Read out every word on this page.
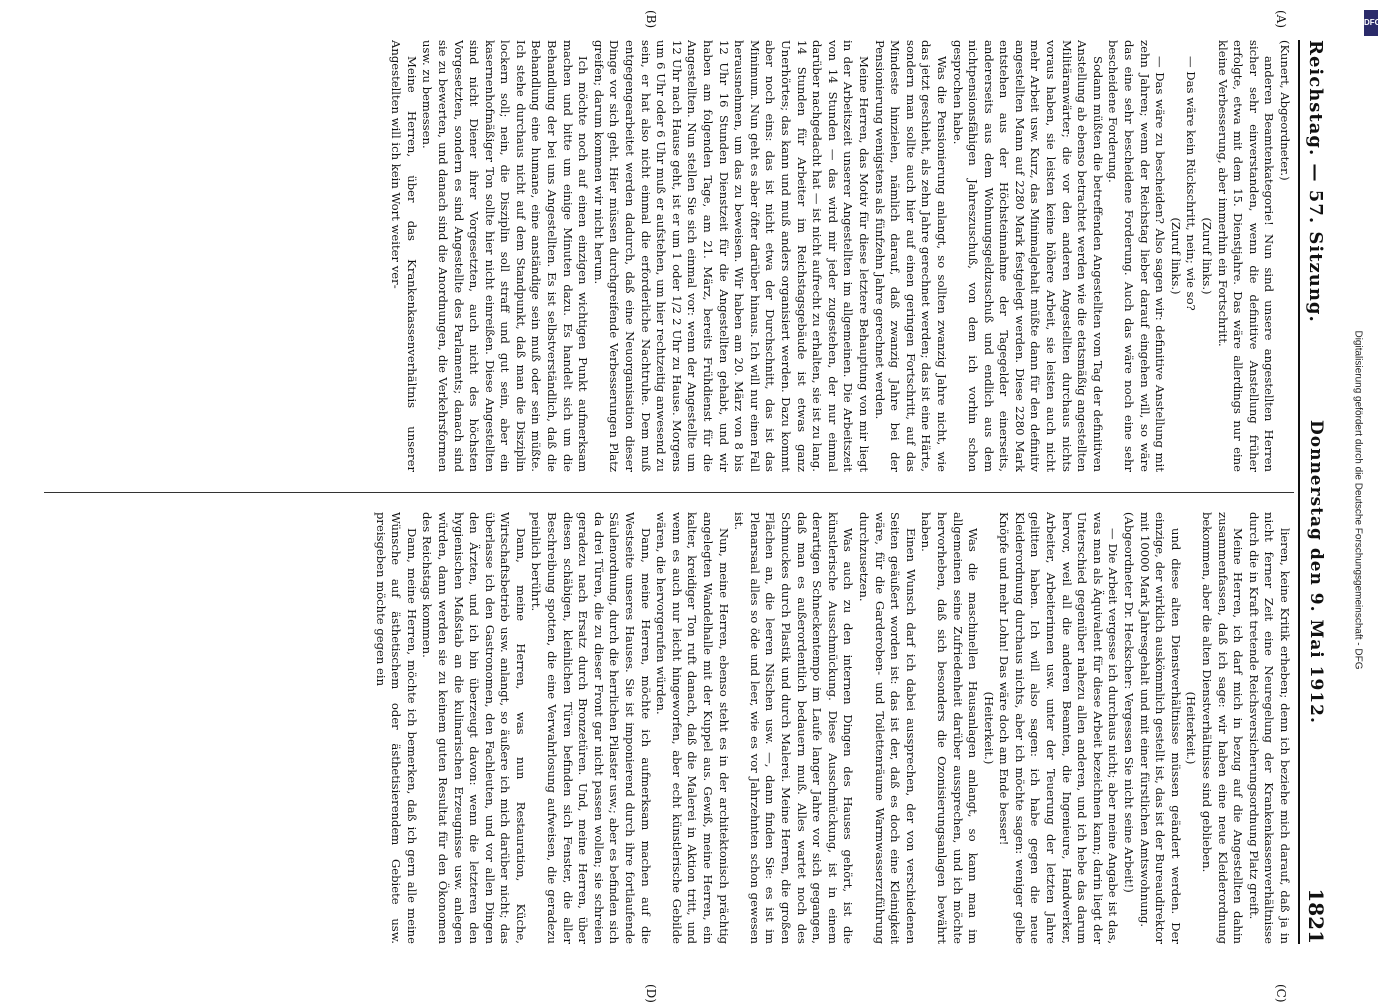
Reichstag. — 57. Sitzung.
Donnerstag den 9. Mai 1912.
1821
(A)
(B)
(C)
(D)

(Kunert, Abgeordneter.)

anderen Beamtenkategorie! Nun sind unsere angestellten Herren sicher sehr einverstanden, wenn die definitive Anstellung früher erfolgte, etwa mit dem 15. Dienstjahre. Das wäre allerdings nur eine kleine Verbesserung, aber immerhin ein Fortschritt.

(Zuruf links.)

— Das wäre kein Rückschritt, nein; wie so?

(Zuruf links.)

— Das wäre zu bescheiden? Also sagen wir: definitive Anstellung mit zehn Jahren; wenn der Reichstag lieber darauf eingehen will, so wäre das eine sehr bescheidene Forderung. Auch das wäre noch eine sehr bescheidene Forderung.

Sodann müßten die betreffenden Angestellten vom Tag der definitiven Anstellung ab ebenso betrachtet werden wie die etatsmäßig angestellten Militäranwärter; die vor den anderen Angestellten durchaus nichts voraus haben, sie leisten keine höhere Arbeit, sie leisten auch nicht mehr Arbeit usw. Kurz, das Minimalgehalt müßte dann für den definitiv angestellten Mann auf 2280 Mark festgelegt werden. Diese 2280 Mark entstehen aus der Höchsteinnahme der Tagegelder einerseits, andererseits aus dem Wohnungsgeldzuschuß und endlich aus dem nichtpensionsfähigen Jahreszuschuß, von dem ich vorhin schon gesprochen habe.

Was die Pensionierung anlangt, so sollten zwanzig Jahre nicht, wie das jetzt geschieht, als zehn Jahre gerechnet werden; das ist eine Härte, sondern man sollte auch hier auf einen geringen Fortschritt, auf das Mindeste hinzielen, nämlich darauf, daß zwanzig Jahre bei der Pensionierung wenigstens als fünfzehn Jahre gerechnet werden.

Meine Herren, das Motiv für diese letztere Behauptung von mir liegt in der Arbeitszeit unserer Angestellten im allgemeinen. Die Arbeitszeit von 14 Stunden — das wird mir jeder zugestehen, der nur einmal darüber nachgedacht hat — ist nicht aufrecht zu erhalten, sie ist zu lang. 14 Stunden für Arbeiter im Reichstagsgebäude ist etwas ganz Unerhörtes; das kann und muß anders organisiert werden. Dazu kommt aber noch eins: das ist nicht etwa der Durchschnitt, das ist das Minimum. Nun geht es aber öfter darüber hinaus. Ich will nur einen Fall herausnehmen, um das zu beweisen. Wir haben am 20. März von 8 bis 12 Uhr 16 Stunden Dienstzeit für die Angestellten gehabt, und wir haben am folgenden Tage, am 21. März, bereits Frühdienst für die Angestellten. Nun stellen Sie sich einmal vor: wenn der Angestellte um 12 Uhr nach Hause geht, ist er um 1 oder 1/2 2 Uhr zu Hause. Morgens um 6 Uhr oder 6 Uhr muß er aufstehen, um hier rechtzeitig anwesend zu sein, er hat also nicht einmal die erforderliche Nachtruhe. Dem muß entgegengearbeitet werden dadurch, daß eine Neuorganisation dieser Dinge vor sich geht. Hier müssen durchgreifende Verbesserungen Platz greifen; darum kommen wir nicht herum.

Ich möchte noch auf einen einzigen wichtigen Punkt aufmerksam machen und bitte um einige Minuten dazu. Es handelt sich um die Behandlung der bei uns Angestellten. Es ist selbstverständlich, daß die Behandlung eine humane, eine anständige sein muß oder sein müßte. Ich stehe durchaus nicht auf dem Standpunkt, daß man die Disziplin lockern soll; nein, die Disziplin soll straff und gut sein, aber ein kasernenhofmäßiger Ton sollte hier nicht einreißen. Diese Angestellten sind nicht Diener ihrer Vorgesetzten, auch nicht des höchsten Vorgesetzten, sondern es sind Angestellte des Parlaments; danach sind sie zu bewerten, und danach sind die Anordnungen, die Verkehrsformen usw. zu bemessen.

Meine Herren, über das Krankenkassenverhältnis unserer Angestellten will ich kein Wort weiter ver-

lieren, keine Kritik erheben; denn ich beziehe mich darauf, daß ja in nicht ferner Zeit eine Neuregelung der Krankenkassenverhältnisse durch die in Kraft tretende Reichsversicherungsordnung Platz greift.

Meine Herren, ich darf mich in bezug auf die Angestellten dahin zusammenfassen, daß ich sage: wir haben eine neue Kleiderordnung bekommen, aber die alten Dienstverhältnisse sind geblieben.

(Heiterkeit.)

und diese alten Dienstverhältnisse müssen geändert werden. Der einzige, der wirklich auskömmlich gestellt ist, das ist der Bureaudirektor mit 10000 Mark Jahresgehalt und mit einer fürstlichen Amtswohnung.

(Abgeordneter Dr. Heckscher: Vergessen Sie nicht seine Arbeit!)

— Die Arbeit vergesse ich durchaus nicht; aber meine Angabe ist das, was man als Äquivalent für diese Arbeit bezeichnen kann; darin liegt der Unterschied gegenüber nahezu allen anderen, und ich hebe das darum hervor, weil all die anderen Beamten, die Ingenieure, Handwerker, Arbeiter, Arbeiterinnen usw. unter der Teuerung der letzten Jahre gelitten haben. Ich will also sagen: ich habe gegen die neue Kleiderordnung durchaus nichts, aber ich möchte sagen: weniger gelbe Knöpfe und mehr Lohn! Das wäre doch am Ende besser!

(Heiterkeit.)

Was die maschinellen Hausanlagen anlangt, so kann man im allgemeinen seine Zufriedenheit darüber aussprechen, und ich möchte hervorheben, daß sich besonders die Ozonisierungsanlagen bewährt haben.

Einen Wunsch darf ich dabei aussprechen, der von verschiedenen Seiten geäußert worden ist: das ist der, daß es doch eine Kleinigkeit wäre, für die Garderoben- und Toilettenräume Warmwasserzuführung durchzusetzen.

Was auch zu den internen Dingen des Hauses gehört, ist die künstlerische Ausschmückung. Diese Ausschmückung, ist in einem derartigen Schneckentempo im Laufe langer Jahre vor sich gegangen, daß man es außerordentlich bedauern muß. Alles wartet noch des Schmuckes durch Plastik und durch Malerei. Meine Herren, die großen Flächen an, die leeren Nischen usw. —, dann finden Sie: es ist im Plenarsaal alles so öde und leer, wie es vor Jahrzehnten schon gewesen ist.

Nun, meine Herren, ebenso steht es in der architektonisch prächtig angelegten Wandelhalle mit der Kuppel aus. Gewiß, meine Herren, ein kalter, kreidiger Ton ruft danach, daß die Malerei in Aktion tritt, und wenn es auch nur leicht hingeworfen, aber echt künstlerische Gebilde wären, die hervorgerufen würden.

Dann, meine Herren, möchte ich aufmerksam machen auf die Westseite unseres Hauses. Sie ist imponierend durch ihre fortlaufende Säulenordnung, durch die herrlichen Pilaster usw.; aber es befinden sich da drei Türen, die zu dieser Front gar nicht passen wollen; sie schreien geradezu nach Ersatz durch Bronzetüren. Und, meine Herren, über diesen schäbigen, kleinlichen Türen befinden sich Fenster, die aller Beschreibung spotten, die eine Verwahrlosung aufweisen, die geradezu peinlich berührt.

Dann, meine Herren, was nun Restauration, Küche, Wirtschaftsbetrieb usw. anlangt, so äußere ich mich darüber nicht; das überlasse ich den Gastronomen, den Fachleuten, und vor allen Dingen den Ärzten, und ich bin überzeugt davon: wenn die letzteren den hygienischen Maßstab an die kulinarischen Erzeugnisse usw. anlegen würden, dann werden sie zu keinem guten Resultat für den Ökonomen des Reichstags kommen.

Dann, meine Herren, möchte ich bemerken, daß ich gern alle meine Wünsche auf ästhetischem oder ästhetisierendem Gebiete usw. preisgeben möchte gegen ein	Digitalisierung gefördert durch die Deutsche Forschungsgemeinschaft - DFG
DFG
